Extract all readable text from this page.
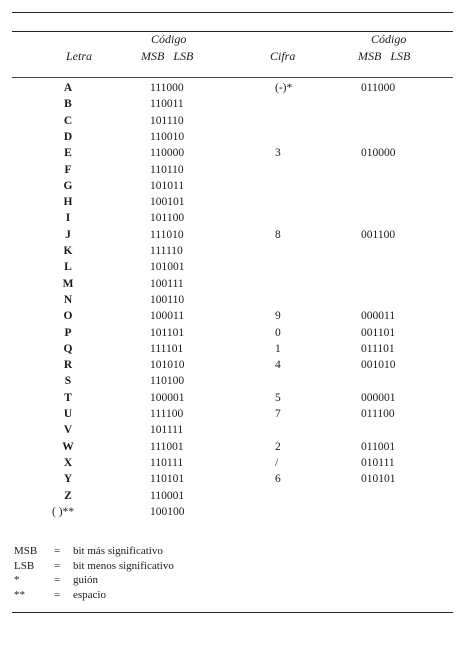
Código	Código
Letra	MSB   LSB	Cifra	MSB   LSB
A	111000	(-)*	011000
B	110011
C	101110
D	110010
E	110000	3	010000
F	110110
G	101011
H	100101
I	101100
J	111010	8	001100
K	111110
L	101001
M	100111
N	100110
O	100011	9	000011
P	101101	0	001101
Q	111101	1	011101
R	101010	4	001010
S	110100
T	100001	5	000001
U	111100	7	011100
V	101111
W	111001	2	011001
X	110111	/	010111
Y	110101	6	010101
Z	110001
( )**	100100
MSB = bit más significativo
LSB = bit menos significativo
*	= guión
**	= espacio
